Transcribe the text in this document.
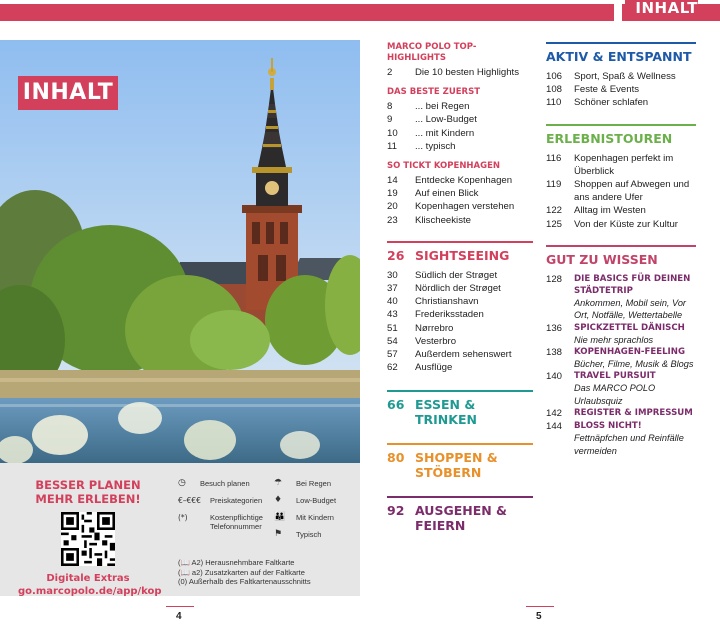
INHALT
INHALT
BESSER PLANEN
MEHR ERLEBEN!
Digitale Extras
go.marcopolo.de/app/kop
◷	Besuch planen	☂	Bei Regen
€–€€€	Preiskategorien ♦	Low-Budget
(*)	Kostenpflichtige Telefonnummer
👪	Mit Kindern
⚑	Typisch
(📖 A2) Herausnehmbare Faltkarte
(📖 a2) Zusatzkarten auf der Faltkarte
(0) Außerhalb des Faltkartenausschnitts
4	5
MARCO POLO TOP-HIGHLIGHTS
2	Die 10 besten Highlights
DAS BESTE ZUERST
8	... bei Regen
9	... Low-Budget
10	... mit Kindern
11	... typisch
SO TICKT KOPENHAGEN
14	Entdecke Kopenhagen
19	Auf einen Blick
20	Kopenhagen verstehen
23	Klischeekiste
26 SIGHTSEEING
30	Südlich der Strøget
37	Nördlich der Strøget
40	Christianshavn
43	Frederiksstaden
51	Nørrebro
54	Vesterbro
57	Außerdem sehenswert
62	Ausflüge
66 ESSEN & TRINKEN
80 SHOPPEN & STÖBERN
92 AUSGEHEN & FEIERN
AKTIV & ENTSPANNT
106	Sport, Spaß & Wellness
108	Feste & Events
110	Schöner schlafen
ERLEBNISTOUREN
116	Kopenhagen perfekt im Überblick
119	Shoppen auf Abwegen und ans andere Ufer
122	Alltag im Westen
125	Von der Küste zur Kultur
GUT ZU WISSEN
128	DIE BASICS FÜR DEINEN STÄDTETRIP
Ankommen, Mobil sein, Vor Ort, Notfälle, Wettertabelle
136	SPICKZETTEL DÄNISCH
Nie mehr sprachlos
138	KOPENHAGEN-FEELING
Bücher, Filme, Musik & Blogs
140	TRAVEL PURSUIT
Das MARCO POLO Urlaubsquiz
142	REGISTER & IMPRESSUM
144	BLOSS NICHT!
Fettnäpfchen und Reinfälle vermeiden
